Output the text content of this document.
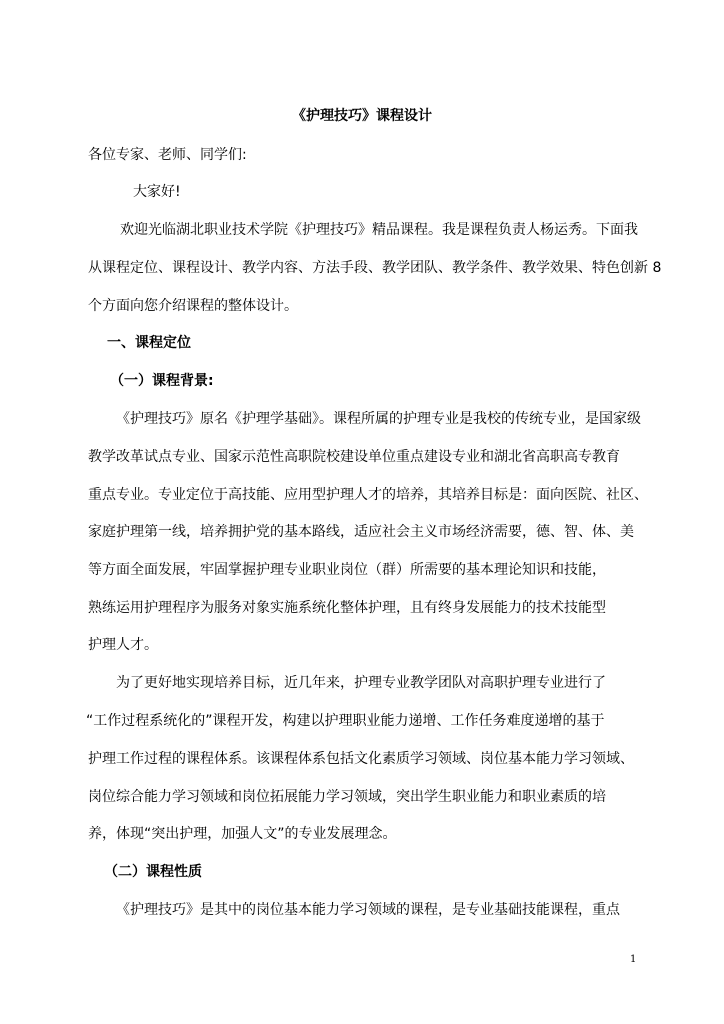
《护理技巧》课程设计
各位专家、老师、同学们:
大家好!
欢迎光临湖北职业技术学院《护理技巧》精品课程。我是课程负责人杨运秀。下面我
从课程定位、课程设计、教学内容、方法手段、教学团队、教学条件、教学效果、特色创新 8
个方面向您介绍课程的整体设计。
一、课程定位
（一）课程背景:
《护理技巧》原名《护理学基础》。课程所属的护理专业是我校的传统专业，是国家级
教学改革试点专业、国家示范性高职院校建设单位重点建设专业和湖北省高职高专教育
重点专业。专业定位于高技能、应用型护理人才的培养，其培养目标是：面向医院、社区、
家庭护理第一线，培养拥护党的基本路线，适应社会主义市场经济需要，德、智、体、美
等方面全面发展，牢固掌握护理专业职业岗位（群）所需要的基本理论知识和技能，
熟练运用护理程序为服务对象实施系统化整体护理，且有终身发展能力的技术技能型
护理人才。
为了更好地实现培养目标，近几年来，护理专业教学团队对高职护理专业进行了
“工作过程系统化的”课程开发，构建以护理职业能力递增、工作任务难度递增的基于
护理工作过程的课程体系。该课程体系包括文化素质学习领域、岗位基本能力学习领域、
岗位综合能力学习领域和岗位拓展能力学习领域，突出学生职业能力和职业素质的培
养，体现“突出护理，加强人文”的专业发展理念。
（二）课程性质
《护理技巧》是其中的岗位基本能力学习领域的课程，是专业基础技能课程，重点
1
